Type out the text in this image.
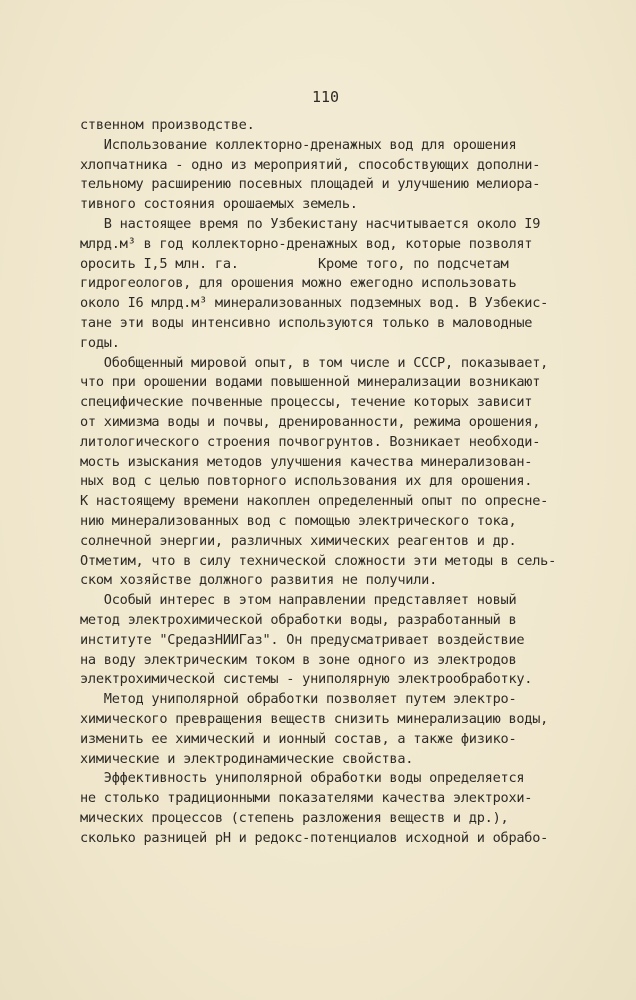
110
ственном производстве.
Использование коллекторно-дренажных вод для орошения
хлопчатника - одно из мероприятий, способствующих дополни-
тельному расширению посевных площадей и улучшению мелиора-
тивного состояния орошаемых земель.
В настоящее время по Узбекистану насчитывается около I9
млрд.м³ в год коллекторно-дренажных вод, которые позволят
оросить I,5 млн. га.          Кроме того, по подсчетам
гидрогеологов, для орошения можно ежегодно использовать
около I6 млрд.м³ минерализованных подземных вод. В Узбекис-
тане эти воды интенсивно используются только в маловодные
годы.
Обобщенный мировой опыт, в том числе и СССР, показывает,
что при орошении водами повышенной минерализации возникают
специфические почвенные процессы, течение которых зависит
от химизма воды и почвы, дренированности, режима орошения,
литологического строения почвогрунтов. Возникает необходи-
мость изыскания методов улучшения качества минерализован-
ных вод с целью повторного использования их для орошения.
К настоящему времени накоплен определенный опыт по опресне-
нию минерализованных вод с помощью электрического тока,
солнечной энергии, различных химических реагентов и др.
Отметим, что в силу технической сложности эти методы в сель-
ском хозяйстве должного развития не получили.
Особый интерес в этом направлении представляет новый
метод электрохимической обработки воды, разработанный в
институте "СредазНИИГаз". Он предусматривает воздействие
на воду электрическим током в зоне одного из электродов
электрохимической системы - униполярную электрообработку.
Метод униполярной обработки позволяет путем электро-
химического превращения веществ снизить минерализацию воды,
изменить ее химический и ионный состав, а также физико-
химические и электродинамические свойства.
Эффективность униполярной обработки воды определяется
не столько традиционными показателями качества электрохи-
мических процессов (степень разложения веществ и др.),
сколько разницей pH и редокс-потенциалов исходной и обрабо-
